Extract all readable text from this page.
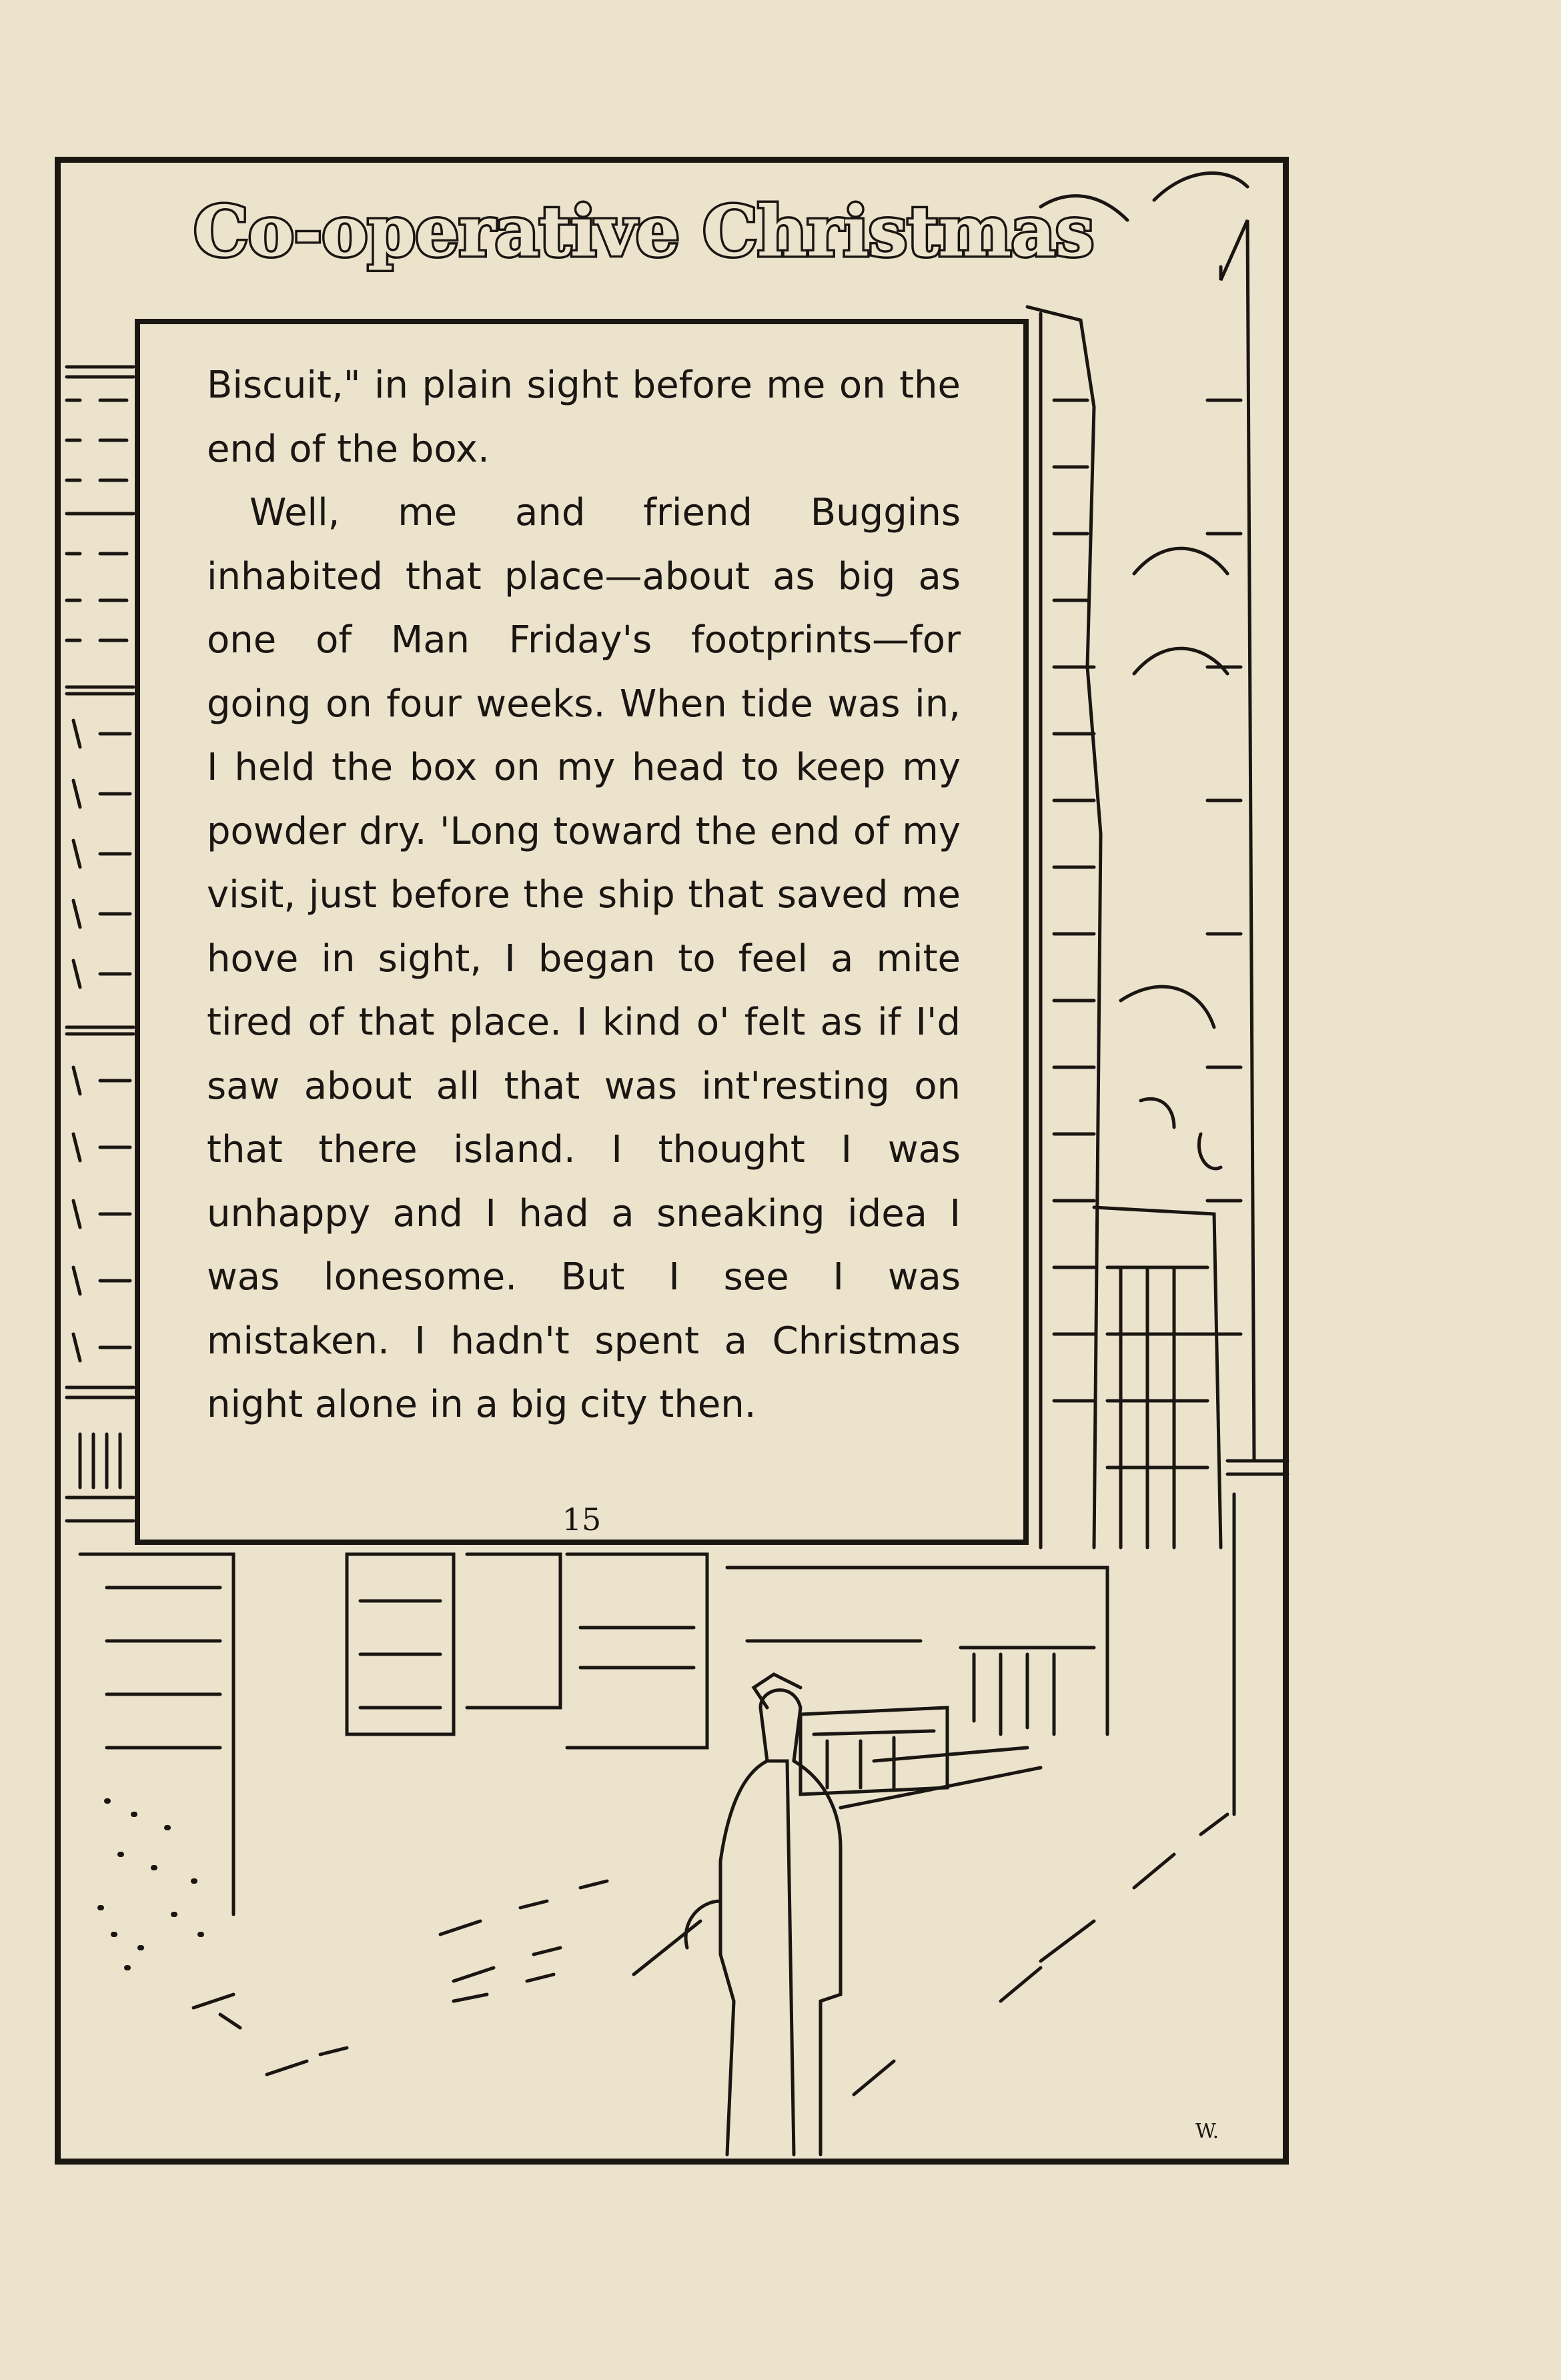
Co-operative Christmas

Biscuit," in plain sight before me on the end of the box.

Well, me and friend Buggins inhabited that place—about as big as one of Man Friday's footprints—for going on four weeks. When tide was in, I held the box on my head to keep my powder dry. 'Long toward the end of my visit, just before the ship that saved me hove in sight, I began to feel a mite tired of that place. I kind o' felt as if I'd saw about all that was int'resting on that there island. I thought I was unhappy and I had a sneaking idea I was lonesome. But I see I was mistaken. I hadn't spent a Christmas night alone in a big city then.

15
W.
